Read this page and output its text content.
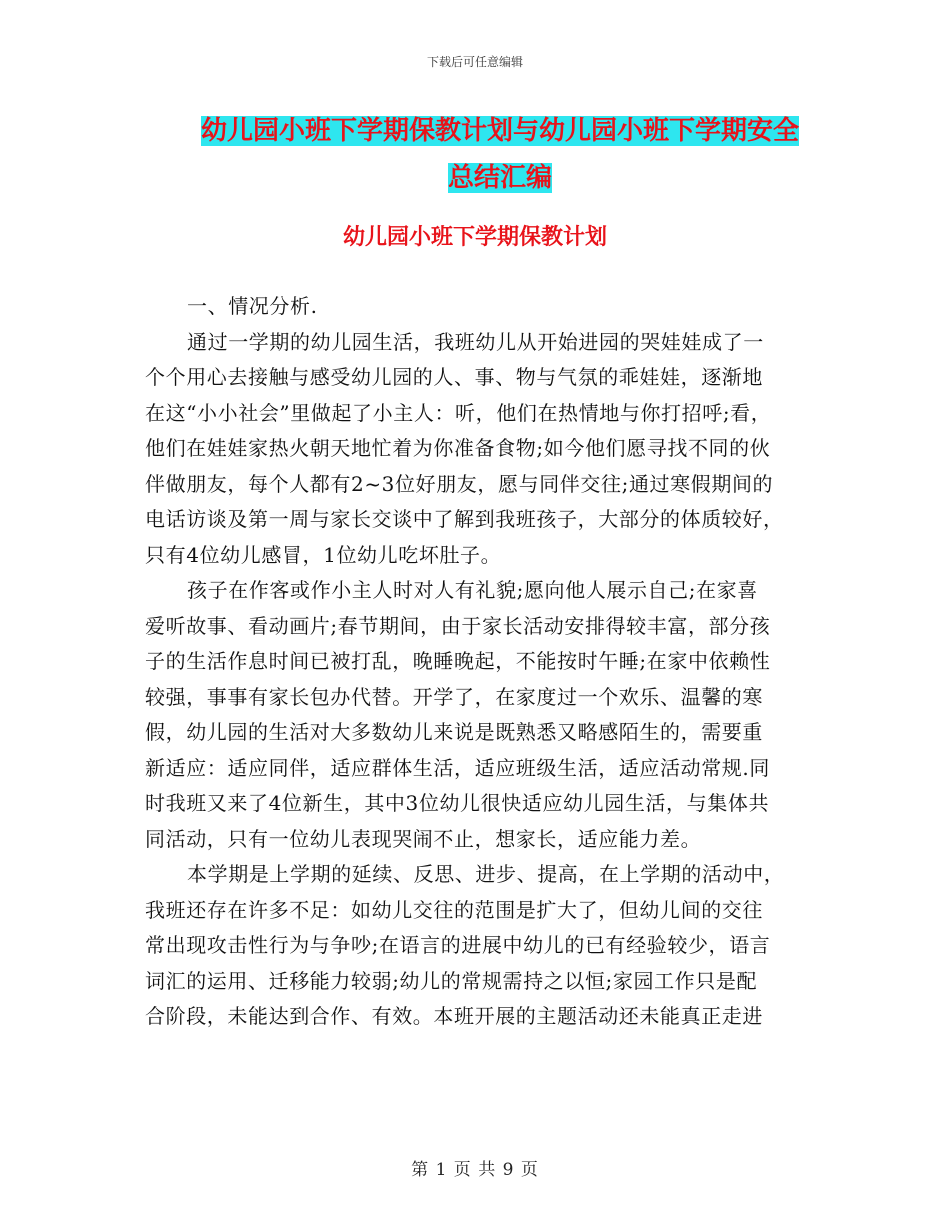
下载后可任意编辑
幼儿园小班下学期保教计划与幼儿园小班下学期安全
总结汇编
幼儿园小班下学期保教计划
一、情况分析.
通过一学期的幼儿园生活，我班幼儿从开始进园的哭娃娃成了一
个个用心去接触与感受幼儿园的人、事、物与气氛的乖娃娃，逐渐地
在这“小小社会”里做起了小主人：听，他们在热情地与你打招呼;看，
他们在娃娃家热火朝天地忙着为你准备食物;如今他们愿寻找不同的伙
伴做朋友，每个人都有2~3位好朋友，愿与同伴交往;通过寒假期间的
电话访谈及第一周与家长交谈中了解到我班孩子，大部分的体质较好，
只有4位幼儿感冒，1位幼儿吃坏肚子。
孩子在作客或作小主人时对人有礼貌;愿向他人展示自己;在家喜
爱听故事、看动画片;春节期间，由于家长活动安排得较丰富，部分孩
子的生活作息时间已被打乱，晚睡晚起，不能按时午睡;在家中依赖性
较强，事事有家长包办代替。开学了，在家度过一个欢乐、温馨的寒
假，幼儿园的生活对大多数幼儿来说是既熟悉又略感陌生的，需要重
新适应：适应同伴，适应群体生活，适应班级生活，适应活动常规.同
时我班又来了4位新生，其中3位幼儿很快适应幼儿园生活，与集体共
同活动，只有一位幼儿表现哭闹不止，想家长，适应能力差。
本学期是上学期的延续、反思、进步、提高，在上学期的活动中，
我班还存在许多不足：如幼儿交往的范围是扩大了，但幼儿间的交往
常出现攻击性行为与争吵;在语言的进展中幼儿的已有经验较少，语言
词汇的运用、迁移能力较弱;幼儿的常规需持之以恒;家园工作只是配
合阶段，未能达到合作、有效。本班开展的主题活动还未能真正走进
第 1 页 共 9 页
